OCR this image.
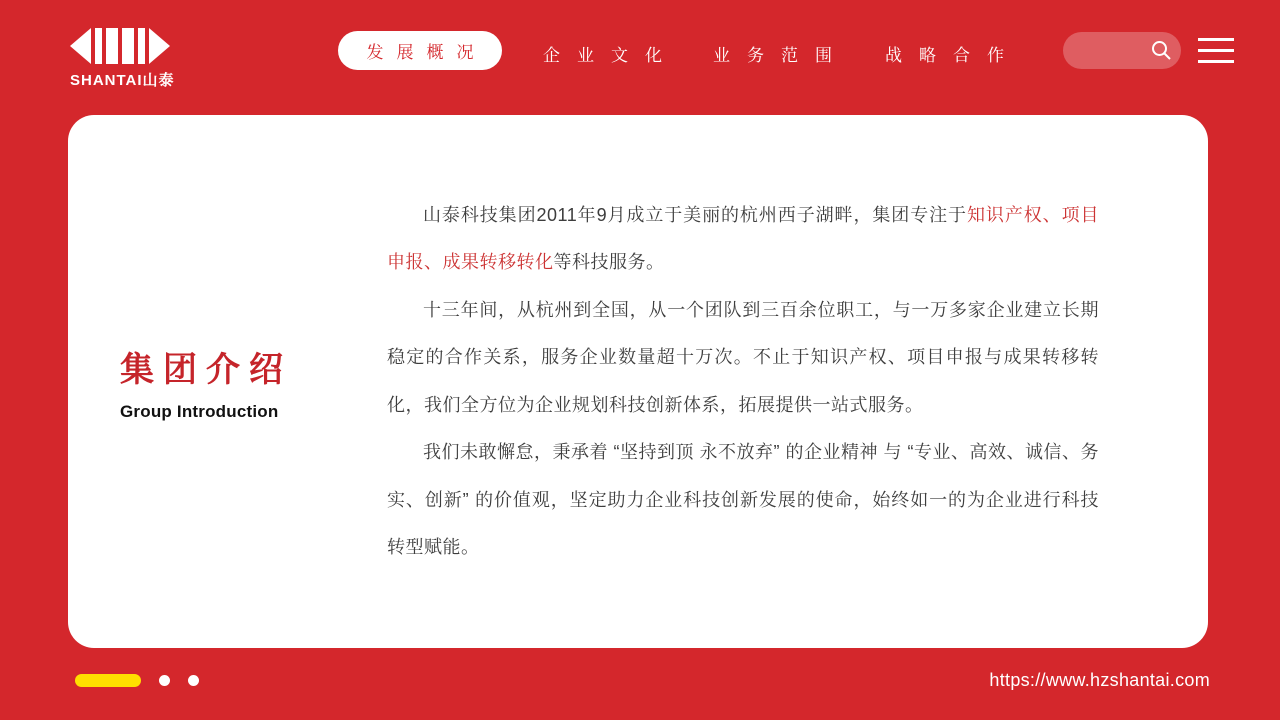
SHANTAI山泰
发展概况	企业文化 业务范围 战略合作
集团介绍
Group Introduction

山泰科技集团2011年9月成立于美丽的杭州西子湖畔，集团专注于知识产权、项目申报、成果转移转化等科技服务。

十三年间，从杭州到全国，从一个团队到三百余位职工，与一万多家企业建立长期稳定的合作关系，服务企业数量超十万次。不止于知识产权、项目申报与成果转移转化，我们全方位为企业规划科技创新体系，拓展提供一站式服务。

我们未敢懈怠，秉承着 “坚持到顶 永不放弃” 的企业精神 与 “专业、高效、诚信、务实、创新” 的价值观，坚定助力企业科技创新发展的使命，始终如一的为企业进行科技转型赋能。

https://www.hzshantai.com
